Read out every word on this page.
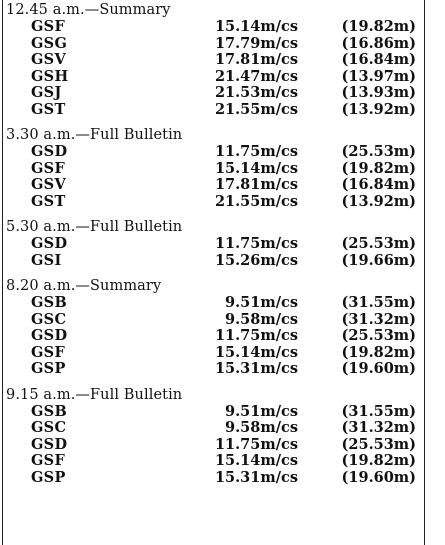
12.45 a.m.—Summary
GSF	15.14m/cs	(19.82m)
GSG	17.79m/cs	(16.86m)
GSV	17.81m/cs	(16.84m)
GSH	21.47m/cs	(13.97m)
GSJ	21.53m/cs	(13.93m)
GST	21.55m/cs	(13.92m)
3.30 a.m.—Full Bulletin
GSD	11.75m/cs	(25.53m)
GSF	15.14m/cs	(19.82m)
GSV	17.81m/cs	(16.84m)
GST	21.55m/cs	(13.92m)
5.30 a.m.—Full Bulletin
GSD	11.75m/cs	(25.53m)
GSI	15.26m/cs	(19.66m)
8.20 a.m.—Summary
GSB	9.51m/cs	(31.55m)
GSC	9.58m/cs	(31.32m)
GSD	11.75m/cs	(25.53m)
GSF	15.14m/cs	(19.82m)
GSP	15.31m/cs	(19.60m)
9.15 a.m.—Full Bulletin
GSB	9.51m/cs	(31.55m)
GSC	9.58m/cs	(31.32m)
GSD	11.75m/cs	(25.53m)
GSF	15.14m/cs	(19.82m)
GSP	15.31m/cs	(19.60m)
